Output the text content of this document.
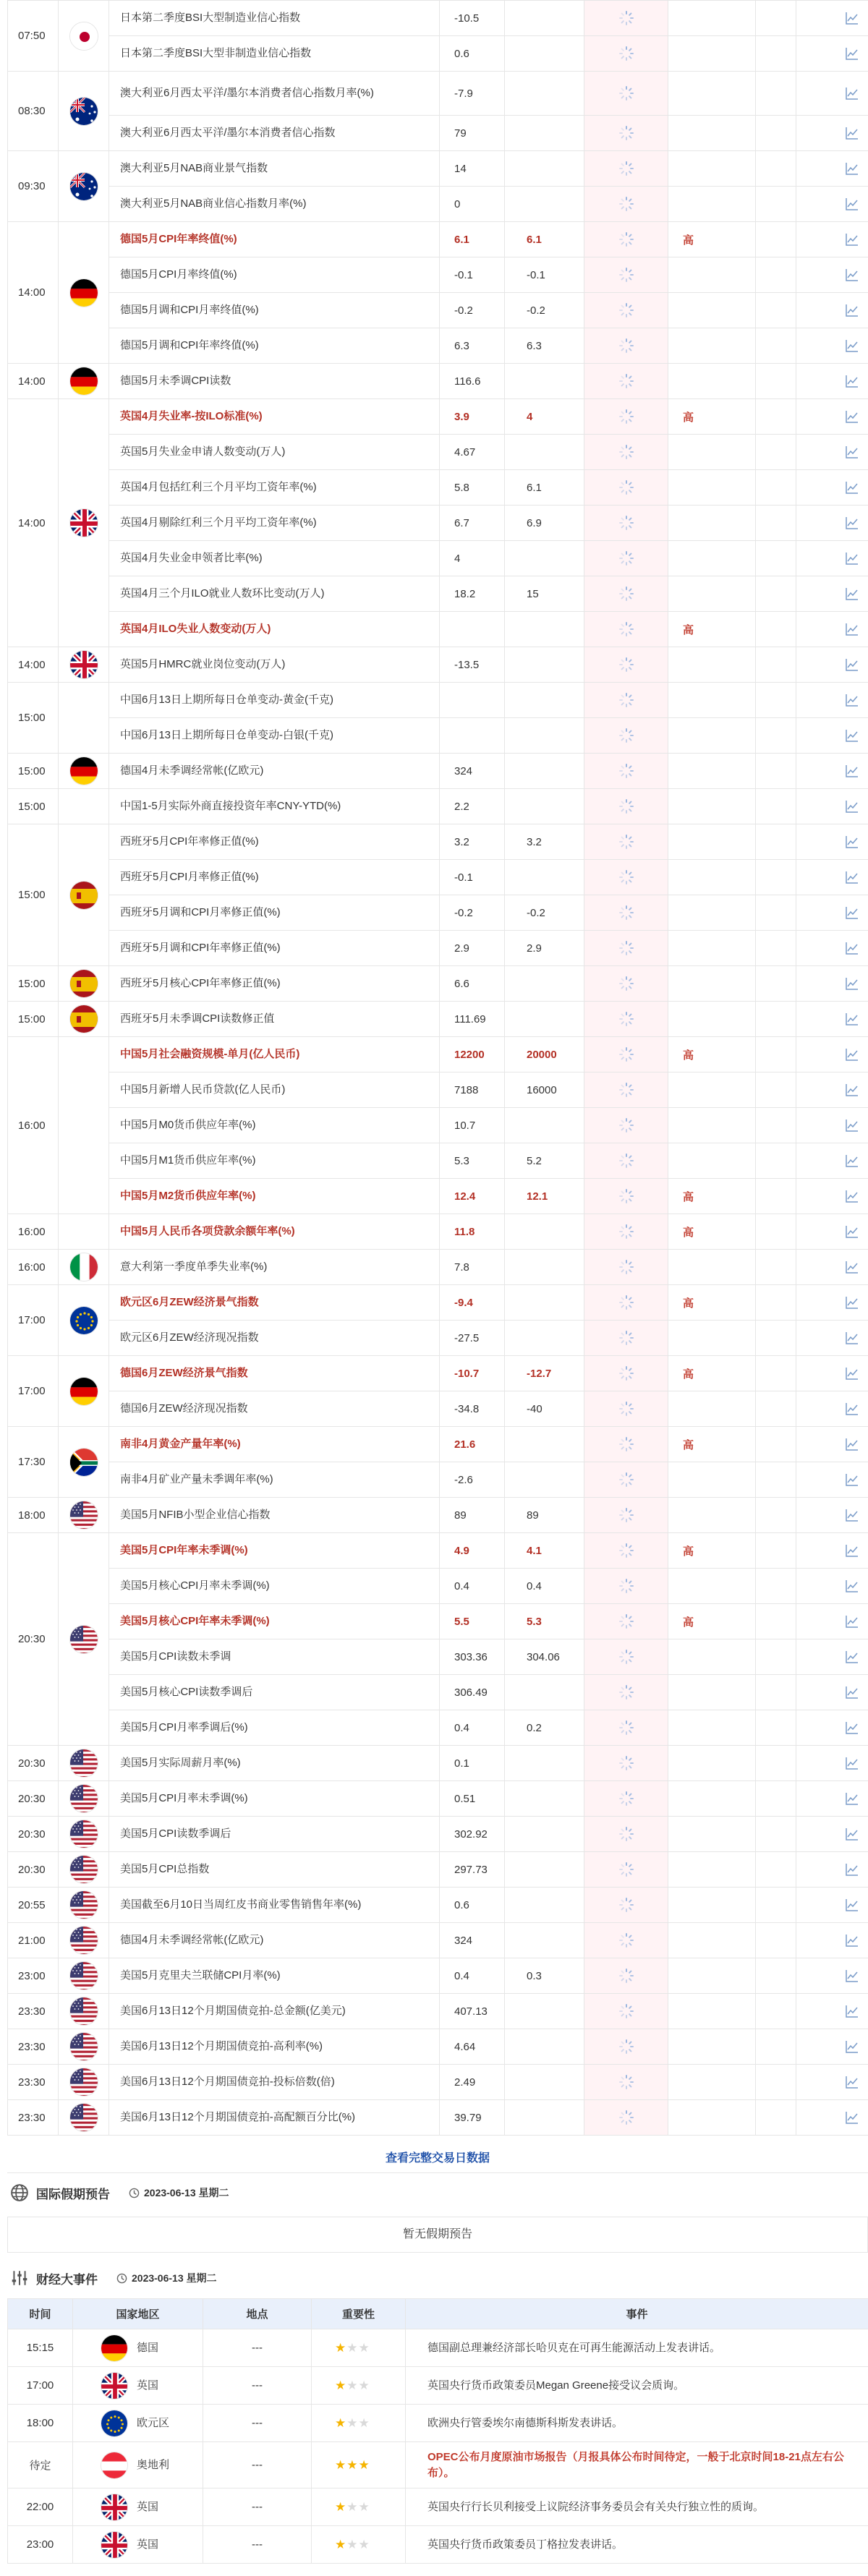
07:50		日本第二季度BSI大型制造业信心指数	-10.5					

		日本第二季度BSI大型非制造业信心指数	0.6					
08:30		澳大利亚6月西太平洋/墨尔本消费者信心指数月率(%)	-7.9					

		澳大利亚6月西太平洋/墨尔本消费者信心指数	79					
09:30		澳大利亚5月NAB商业景气指数	14					

		澳大利亚5月NAB商业信心指数月率(%)	0					
14:00		德国5月CPI年率终值(%)	6.1	6.1		高		

		德国5月CPI月率终值(%)	-0.1	-0.1				

		德国5月调和CPI月率终值(%)	-0.2	-0.2				

		德国5月调和CPI年率终值(%)	6.3	6.3				
14:00		德国5月未季调CPI读数	116.6					
14:00		英国4月失业率-按ILO标准(%)	3.9	4		高		

		英国5月失业金申请人数变动(万人)	4.67					

		英国4月包括红利三个月平均工资年率(%)	5.8	6.1				

		英国4月剔除红利三个月平均工资年率(%)	6.7	6.9				

		英国4月失业金申领者比率(%)	4					

		英国4月三个月ILO就业人数环比变动(万人)	18.2	15				

		英国4月ILO失业人数变动(万人)				高		
14:00		英国5月HMRC就业岗位变动(万人)	-13.5					
15:00		中国6月13日上期所每日仓单变动-黄金(千克)

		中国6月13日上期所每日仓单变动-白银(千克)

15:00		德国4月未季调经常帐(亿欧元)	324					
15:00		中国1-5月实际外商直接投资年率CNY-YTD(%)	2.2					
15:00		西班牙5月CPI年率修正值(%)	3.2	3.2				

		西班牙5月CPI月率修正值(%)	-0.1					

		西班牙5月调和CPI月率修正值(%)	-0.2	-0.2				

		西班牙5月调和CPI年率修正值(%)	2.9	2.9				
15:00		西班牙5月核心CPI年率修正值(%)	6.6					
15:00		西班牙5月未季调CPI读数修正值	111.69					
16:00		中国5月社会融资规模-单月(亿人民币)	12200	20000		高		

		中国5月新增人民币贷款(亿人民币)	7188	16000				

		中国5月M0货币供应年率(%)	10.7					

		中国5月M1货币供应年率(%)	5.3	5.2				

		中国5月M2货币供应年率(%)	12.4	12.1		高		
16:00		中国5月人民币各项贷款余额年率(%)	11.8			高		
16:00		意大利第一季度单季失业率(%)	7.8					
17:00		欧元区6月ZEW经济景气指数	-9.4			高		

		欧元区6月ZEW经济现况指数	-27.5					
17:00		德国6月ZEW经济景气指数	-10.7	-12.7		高		

		德国6月ZEW经济现况指数	-34.8	-40				
17:30		南非4月黄金产量年率(%)	21.6			高		

		南非4月矿业产量未季调年率(%)	-2.6					
18:00		美国5月NFIB小型企业信心指数	89	89				
20:30		美国5月CPI年率未季调(%)	4.9	4.1		高		

		美国5月核心CPI月率未季调(%)	0.4	0.4				

		美国5月核心CPI年率未季调(%)	5.5	5.3		高		

		美国5月CPI读数未季调	303.36	304.06				

		美国5月核心CPI读数季调后	306.49					

		美国5月CPI月率季调后(%)	0.4	0.2				
20:30		美国5月实际周薪月率(%)	0.1					
20:30		美国5月CPI月率未季调(%)	0.51					
20:30		美国5月CPI读数季调后	302.92					
20:30		美国5月CPI总指数	297.73					
20:55		美国截至6月10日当周红皮书商业零售销售年率(%)	0.6					
21:00		德国4月未季调经常帐(亿欧元)	324					
23:00		美国5月克里夫兰联储CPI月率(%)	0.4	0.3				
23:30		美国6月13日12个月期国债竞拍-总金额(亿美元)	407.13					
23:30		美国6月13日12个月期国债竞拍-高利率(%)	4.64					
23:30		美国6月13日12个月期国债竞拍-投标倍数(倍)	2.49					
23:30		美国6月13日12个月期国债竞拍-高配额百分比(%)	39.79					
查看完整交易日数据
国际假期预告	2023-06-13 星期二
暂无假期预告
财经大事件	2023-06-13 星期二
时间	国家地区	地点	重要性	事件
15:15	德国	---	★★★	德国副总理兼经济部长哈贝克在可再生能源活动上发表讲话。
17:00	英国	---	★★★	英国央行货币政策委员Megan Greene接受议会质询。
18:00	欧元区	---	★★★	欧洲央行管委埃尔南德斯科斯发表讲话。
待定	奥地利	---	★★★	OPEC公布月度原油市场报告（月报具体公布时间待定，一般于北京时间18-21点左右公布）。
22:00	英国	---	★★★	英国央行行长贝利接受上议院经济事务委员会有关央行独立性的质询。
23:00	英国	---	★★★	英国央行货币政策委员丁格拉发表讲话。
